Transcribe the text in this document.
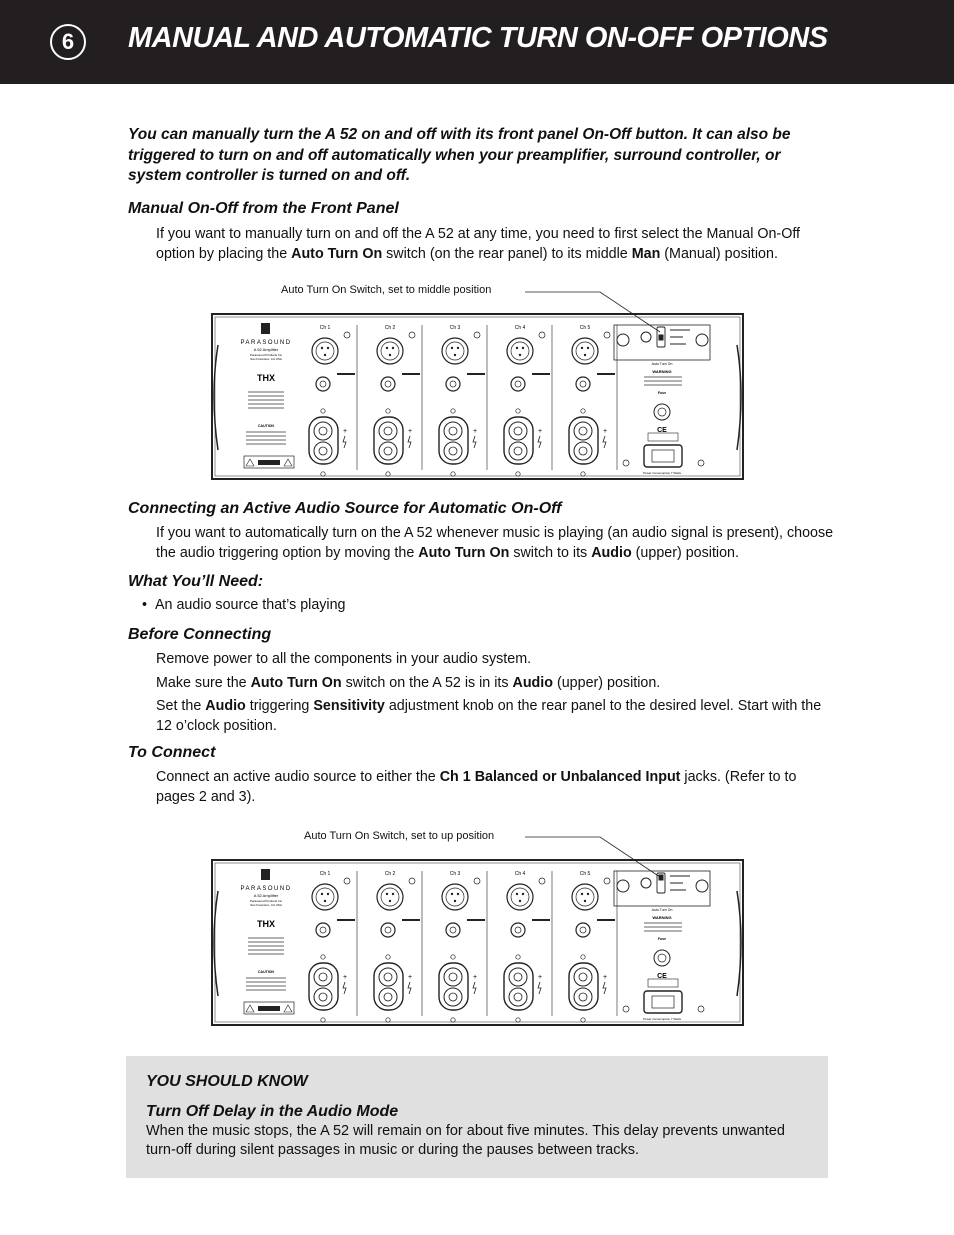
6	MANUAL AND AUTOMATIC TURN ON-OFF OPTIONS
You can manually turn the A 52 on and off with its front panel On-Off button. It can also be triggered to turn on and off automatically when your preamplifier, surround controller, or system controller is turned on and off.
Manual On-Off from the Front Panel
If you want to manually turn on and off the A 52 at any time, you need to first select the Manual On-Off option by placing the Auto Turn On switch (on the rear panel) to its middle Man (Manual) position.
Auto Turn On Switch, set to middle position
PARASOUND
A 52 Amplifier
Parasound Products Inc
San Francisco, CA USA
THX
CAUTION
Ch 1
+
Ch 2
+
Ch 3
+
Ch 4
+
Ch 5
+
Auto Turn On
WARNING
Fuse
CE
Power Consumption 7 Watts
Connecting an Active Audio Source for Automatic On-Off
If you want to automatically turn on the A 52 whenever music is playing (an audio signal is present), choose the audio triggering option by moving the Auto Turn On switch to its Audio (upper) position.
What You’ll Need:
• An audio source that’s playing
Before Connecting
Remove power to all the components in your audio system.
Make sure the Auto Turn On switch on the A 52 is in its Audio (upper) position.
Set the Audio triggering Sensitivity adjustment knob on the rear panel to the desired level. Start with the 12 o’clock position.
To Connect
Connect an active audio source to either the Ch 1 Balanced or Unbalanced Input jacks. (Refer to to pages 2 and 3).
Auto Turn On Switch, set to up position
PARASOUND
A 52 Amplifier
Parasound Products Inc
San Francisco, CA USA
THX
CAUTION
Ch 1
+
Ch 2
+
Ch 3
+
Ch 4
+
Ch 5
+
Auto Turn On
WARNING
Fuse
CE
Power Consumption 7 Watts
YOU SHOULD KNOW
Turn Off Delay in the Audio Mode
When the music stops, the A 52 will remain on for about five minutes. This delay prevents unwanted turn-off during silent passages in music or during the pauses between tracks.
